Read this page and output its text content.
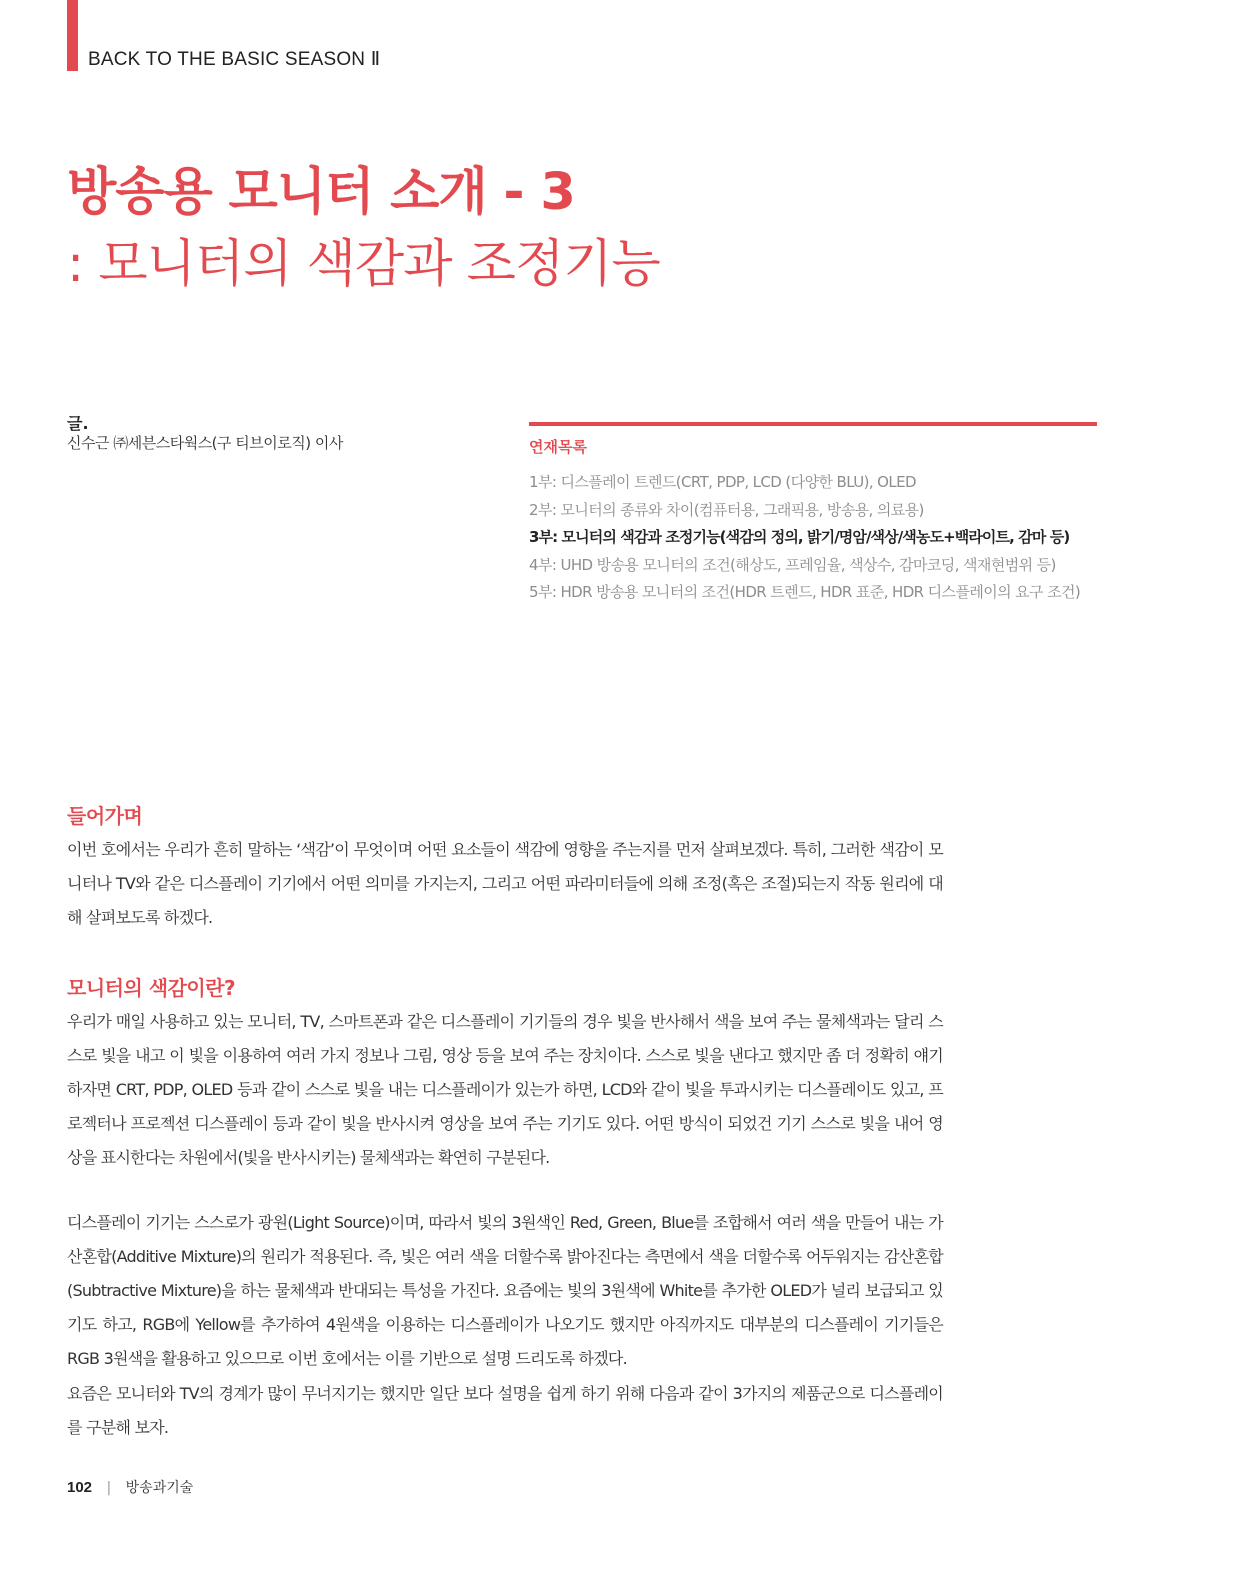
BACK TO THE BASIC SEASON Ⅱ
방송용 모니터 소개 - 3
: 모니터의 색감과 조정기능
글.
신수근 ㈜세븐스타웍스(구 티브이로직) 이사	연재목록
1부: 디스플레이 트렌드(CRT, PDP, LCD (다양한 BLU), OLED
2부: 모니터의 종류와 차이(컴퓨터용, 그래픽용, 방송용, 의료용)
3부: 모니터의 색감과 조정기능(색감의 정의, 밝기/명암/색상/색농도+백라이트, 감마 등)
4부: UHD 방송용 모니터의 조건(해상도, 프레임율, 색상수, 감마코딩, 색재현범위 등)
5부: HDR 방송용 모니터의 조건(HDR 트렌드, HDR 표준, HDR 디스플레이의 요구 조건)
들어가며

이번 호에서는 우리가 흔히 말하는 ‘색감’이 무엇이며 어떤 요소들이 색감에 영향을 주는지를 먼저 살펴보겠다. 특히, 그러한 색감이 모니터나 TV와 같은 디스플레이 기기에서 어떤 의미를 가지는지, 그리고 어떤 파라미터들에 의해 조정(혹은 조절)되는지 작동 원리에 대해 살펴보도록 하겠다.

모니터의 색감이란?

우리가 매일 사용하고 있는 모니터, TV, 스마트폰과 같은 디스플레이 기기들의 경우 빛을 반사해서 색을 보여 주는 물체색과는 달리 스스로 빛을 내고 이 빛을 이용하여 여러 가지 정보나 그림, 영상 등을 보여 주는 장치이다. 스스로 빛을 낸다고 했지만 좀 더 정확히 얘기하자면 CRT, PDP, OLED 등과 같이 스스로 빛을 내는 디스플레이가 있는가 하면, LCD와 같이 빛을 투과시키는 디스플레이도 있고, 프로젝터나 프로젝션 디스플레이 등과 같이 빛을 반사시켜 영상을 보여 주는 기기도 있다. 어떤 방식이 되었건 기기 스스로 빛을 내어 영상을 표시한다는 차원에서(빛을 반사시키는) 물체색과는 확연히 구분된다.

디스플레이 기기는 스스로가 광원(Light Source)이며, 따라서 빛의 3원색인 Red, Green, Blue를 조합해서 여러 색을 만들어 내는 가산혼합(Additive Mixture)의 원리가 적용된다. 즉, 빛은 여러 색을 더할수록 밝아진다는 측면에서 색을 더할수록 어두워지는 감산혼합(Subtractive Mixture)을 하는 물체색과 반대되는 특성을 가진다. 요즘에는 빛의 3원색에 White를 추가한 OLED가 널리 보급되고 있기도 하고, RGB에 Yellow를 추가하여 4원색을 이용하는 디스플레이가 나오기도 했지만 아직까지도 대부분의 디스플레이 기기들은 RGB 3원색을 활용하고 있으므로 이번 호에서는 이를 기반으로 설명 드리도록 하겠다.

요즘은 모니터와 TV의 경계가 많이 무너지기는 했지만 일단 보다 설명을 쉽게 하기 위해 다음과 같이 3가지의 제품군으로 디스플레이를 구분해 보자.

102 | 방송과기술
